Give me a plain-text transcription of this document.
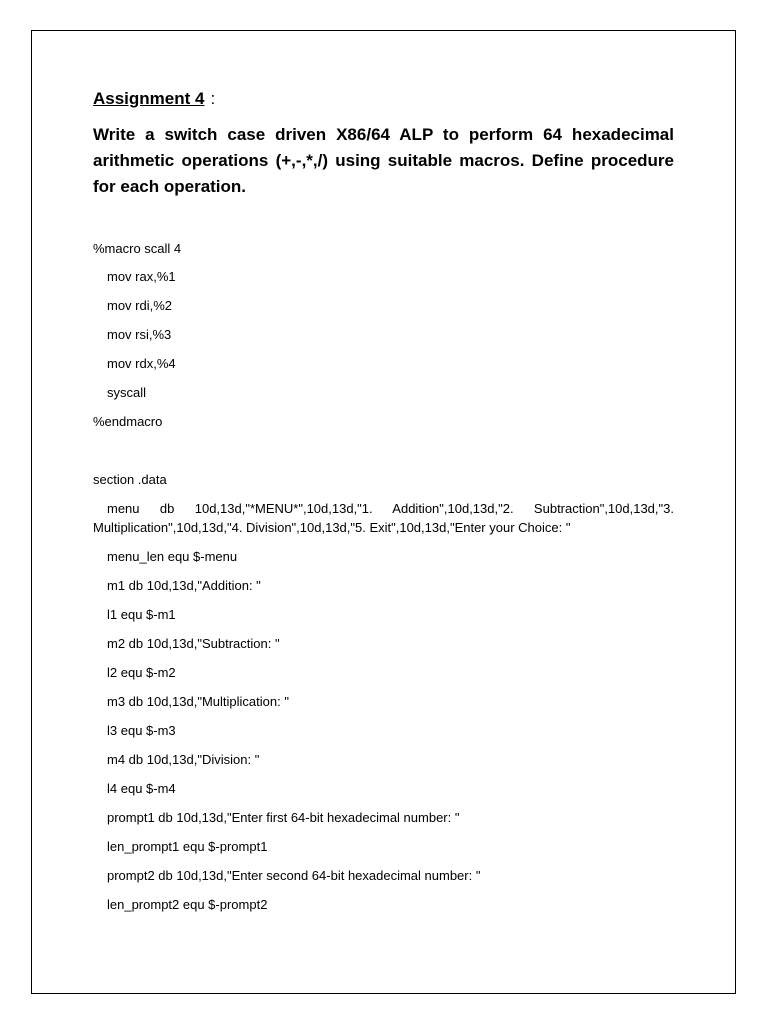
Assignment 4 :
Write a switch case driven X86/64 ALP to perform 64 hexadecimal arithmetic operations (+,-,*,/) using suitable macros. Define procedure for each operation.
%macro scall 4
mov rax,%1
mov rdi,%2
mov rsi,%3
mov rdx,%4
syscall
%endmacro
section .data
menu db 10d,13d,"*MENU*",10d,13d,"1. Addition",10d,13d,"2. Subtraction",10d,13d,"3. Multiplication",10d,13d,"4. Division",10d,13d,"5. Exit",10d,13d,"Enter your Choice: "
menu_len equ $-menu
m1 db 10d,13d,"Addition: "
l1 equ $-m1
m2 db 10d,13d,"Subtraction: "
l2 equ $-m2
m3 db 10d,13d,"Multiplication: "
l3 equ $-m3
m4 db 10d,13d,"Division: "
l4 equ $-m4
prompt1 db 10d,13d,"Enter first 64-bit hexadecimal number: "
len_prompt1 equ $-prompt1
prompt2 db 10d,13d,"Enter second 64-bit hexadecimal number: "
len_prompt2 equ $-prompt2
